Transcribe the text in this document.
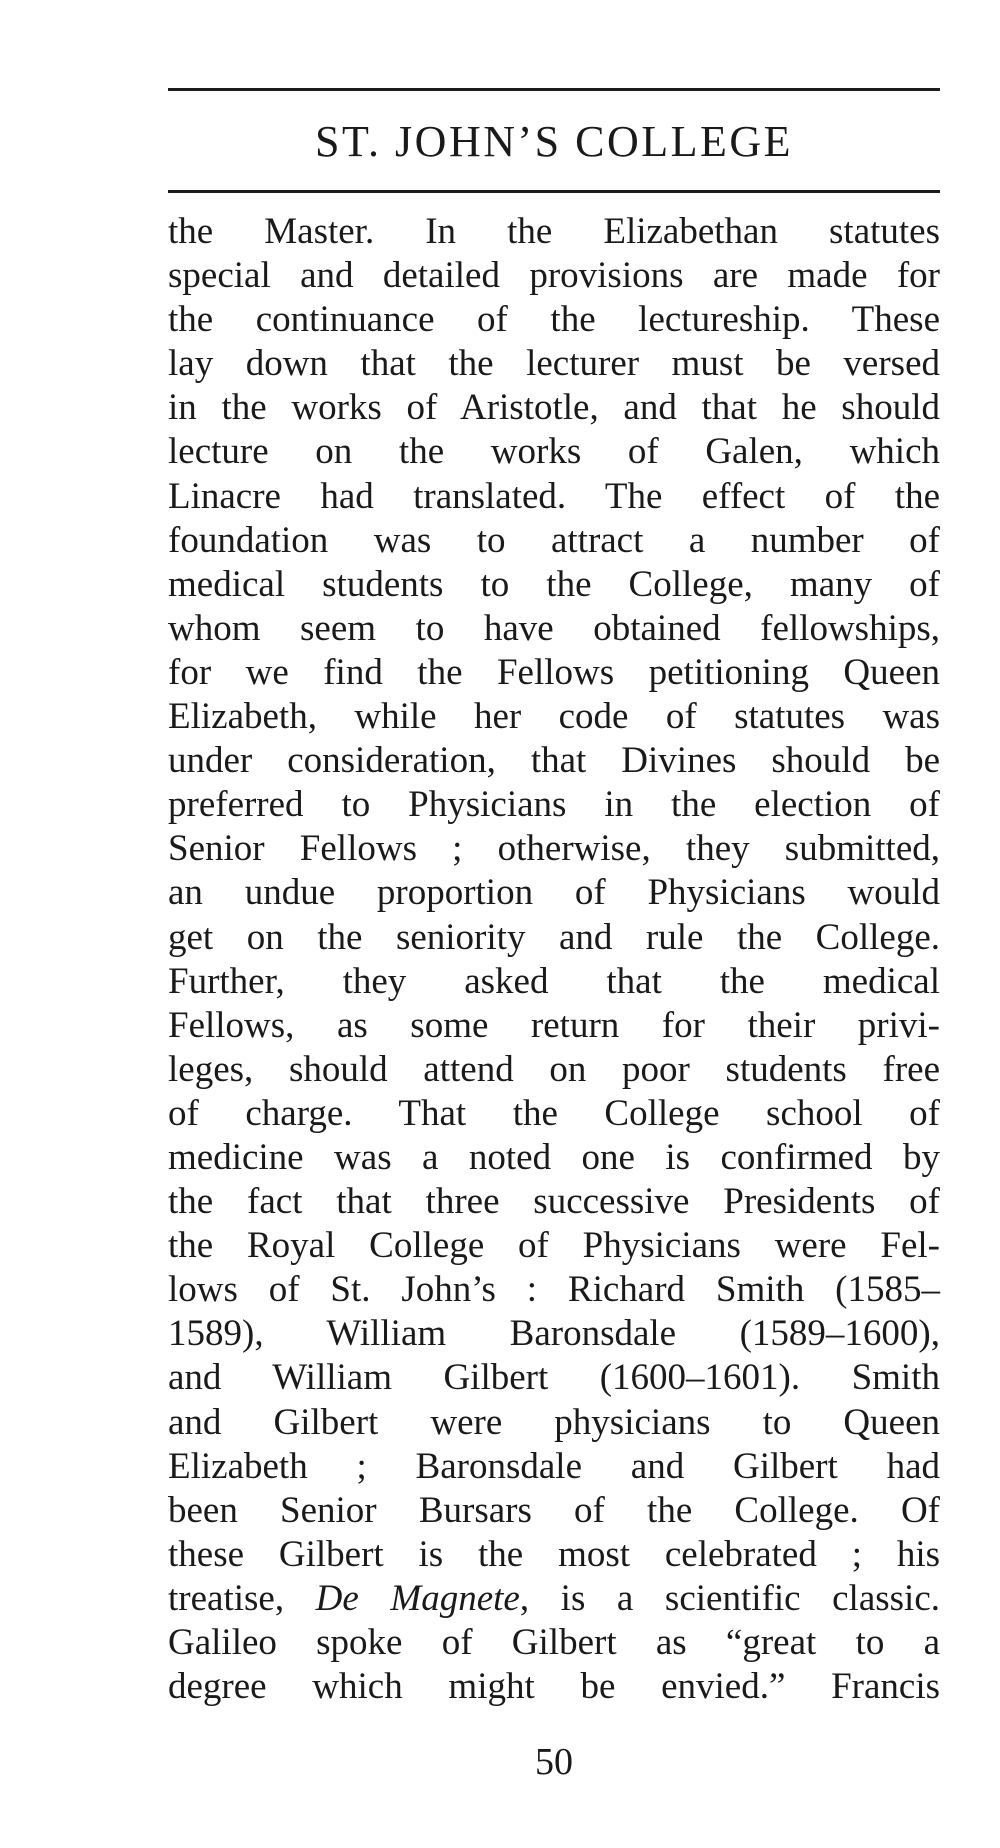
ST. JOHN’S COLLEGE
the Master. In the Elizabethan statutes
special and detailed provisions are made for
the continuance of the lectureship. These
lay down that the lecturer must be versed
in the works of Aristotle, and that he should
lecture on the works of Galen, which
Linacre had translated. The effect of the
foundation was to attract a number of
medical students to the College, many of
whom seem to have obtained fellowships,
for we find the Fellows petitioning Queen
Elizabeth, while her code of statutes was
under consideration, that Divines should be
preferred to Physicians in the election of
Senior Fellows ; otherwise, they submitted,
an undue proportion of Physicians would
get on the seniority and rule the College.
Further, they asked that the medical
Fellows, as some return for their privi-
leges, should attend on poor students free
of charge. That the College school of
medicine was a noted one is confirmed by
the fact that three successive Presidents of
the Royal College of Physicians were Fel-
lows of St. John’s : Richard Smith (1585–
1589), William Baronsdale (1589–1600),
and William Gilbert (1600–1601). Smith
and Gilbert were physicians to Queen
Elizabeth ; Baronsdale and Gilbert had
been Senior Bursars of the College. Of
these Gilbert is the most celebrated ; his
treatise, De Magnete, is a scientific classic.
Galileo spoke of Gilbert as “great to a
degree which might be envied.” Francis
50
